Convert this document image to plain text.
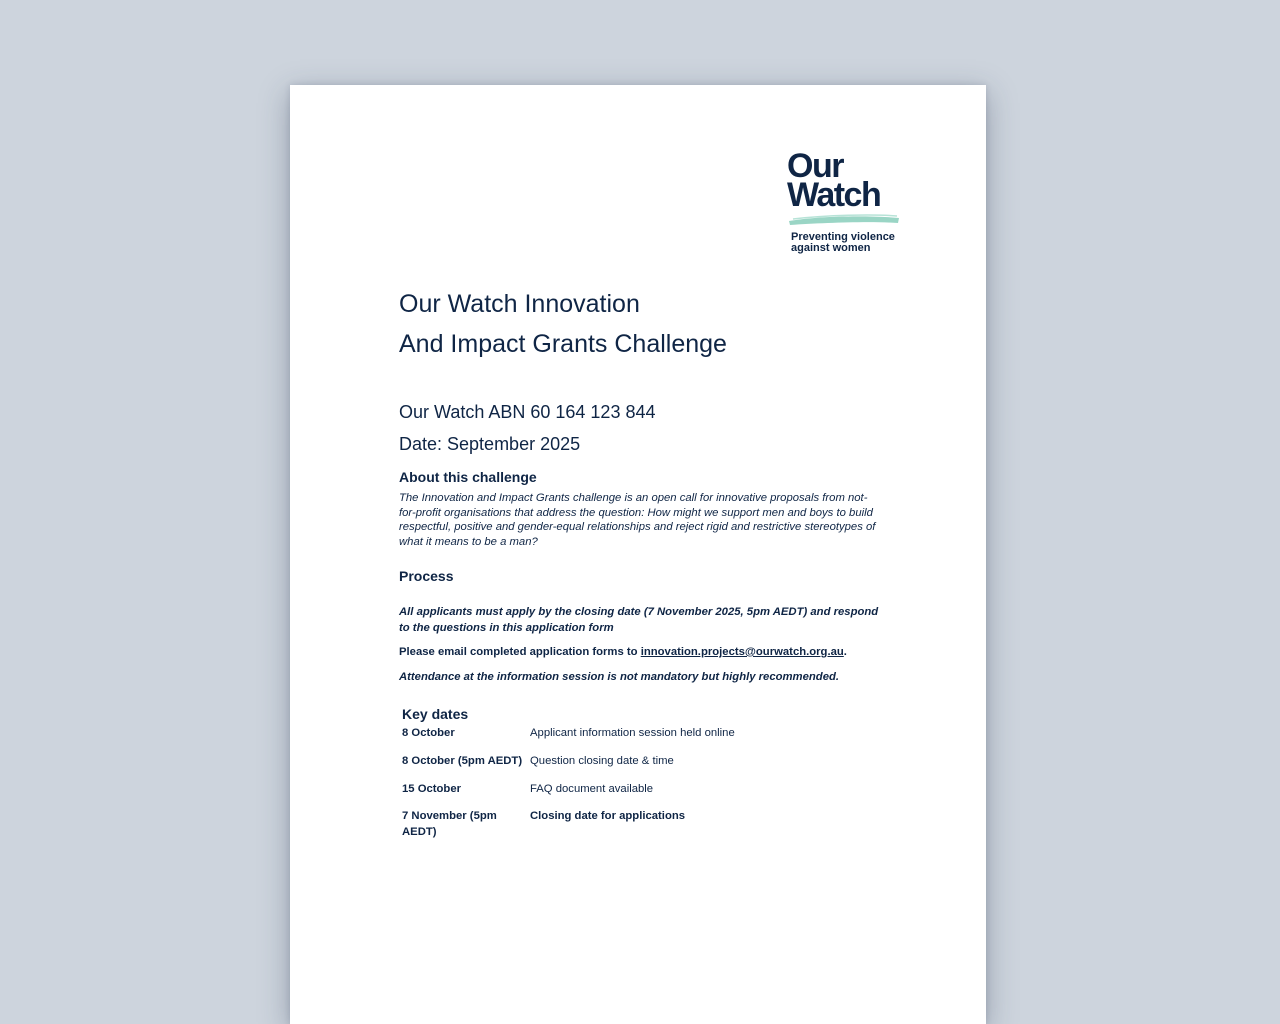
Our
Watch
Preventing violence
against women
Our Watch Innovation
And Impact Grants Challenge
Our Watch ABN 60 164 123 844
Date: September 2025
About this challenge
The Innovation and Impact Grants challenge is an open call for innovative proposals from not-for-profit organisations that address the question: How might we support men and boys to build respectful, positive and gender-equal relationships and reject rigid and restrictive stereotypes of what it means to be a man?
Process
All applicants must apply by the closing date (7 November 2025, 5pm AEDT) and respond to the questions in this application form
Please email completed application forms to innovation.projects@ourwatch.org.au.
Attendance at the information session is not mandatory but highly recommended.
Key dates
8 October	Applicant information session held online
8 October (5pm AEDT) Question closing date & time
15 October	FAQ document available
7 November (5pm AEDT)
Closing date for applications
